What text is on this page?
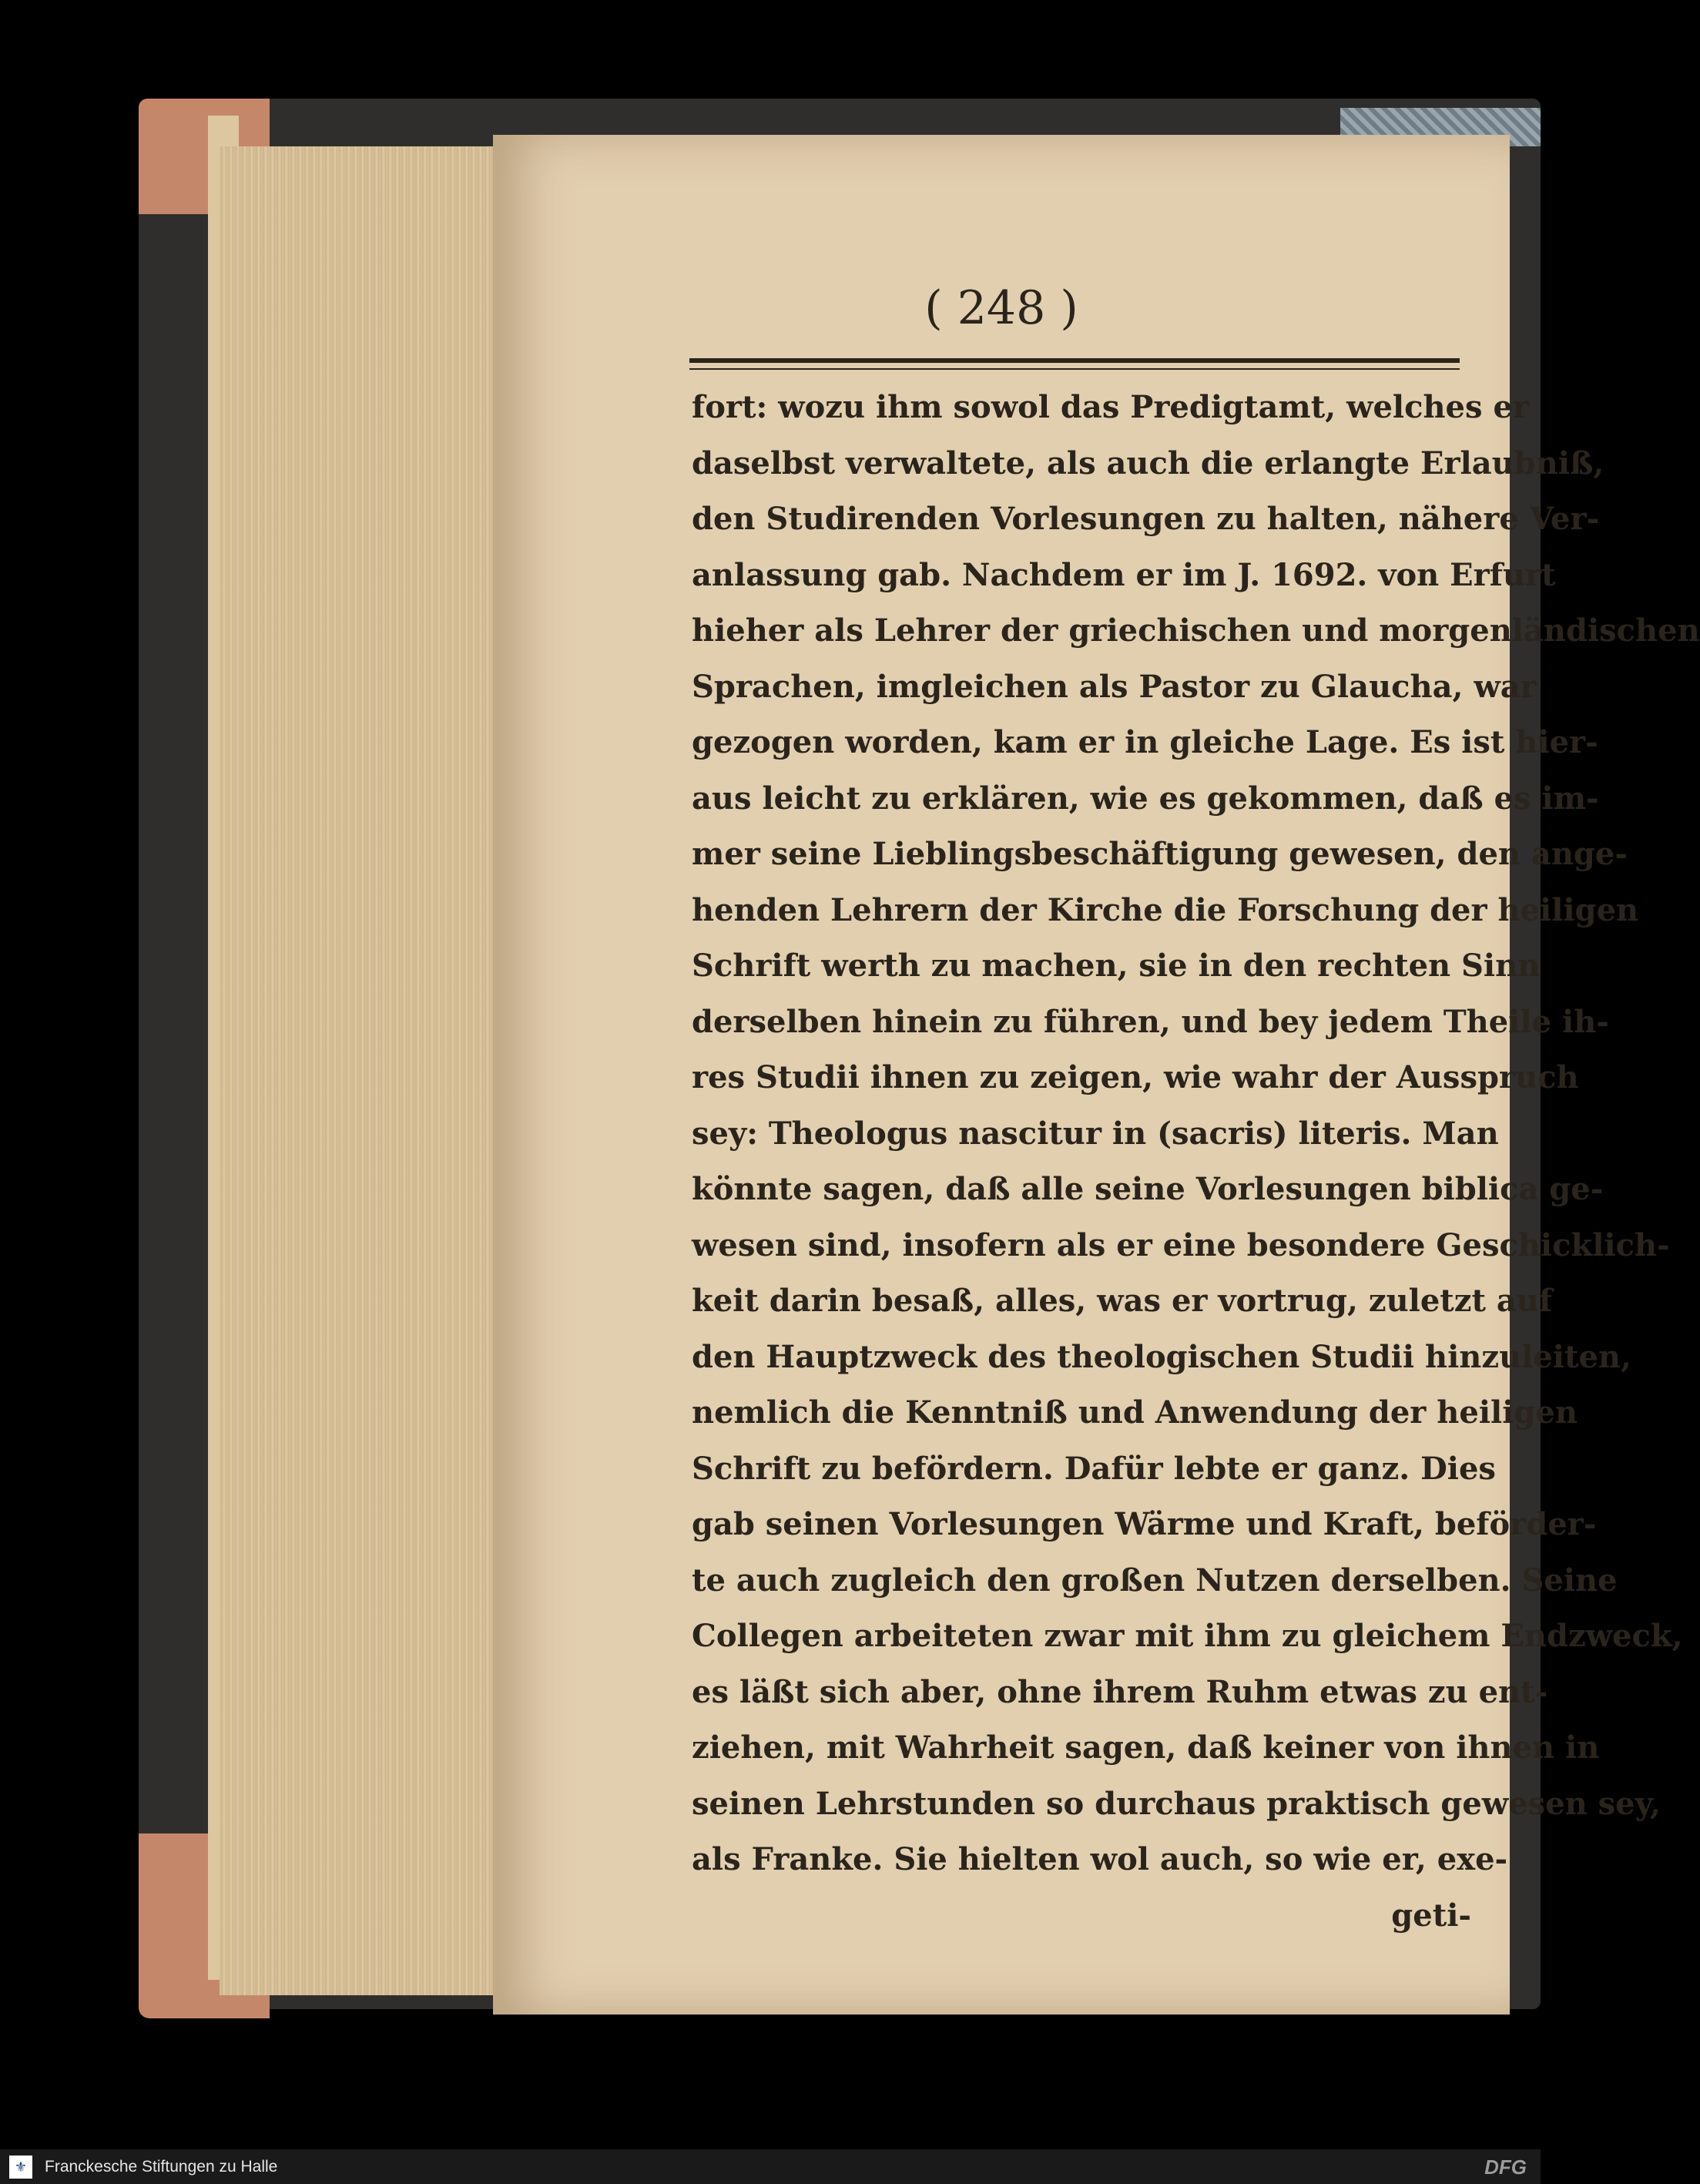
( 248 )
fort: wozu ihm sowol das Predigtamt, welches er
daselbst verwaltete, als auch die erlangte Erlaubniß,
den Studirenden Vorlesungen zu halten, nähere Ver-
anlassung gab. Nachdem er im J. 1692. von Erfurt
hieher als Lehrer der griechischen und morgenländischen
Sprachen, imgleichen als Pastor zu Glaucha, war
gezogen worden, kam er in gleiche Lage. Es ist hier-
aus leicht zu erklären, wie es gekommen, daß es im-
mer seine Lieblingsbeschäftigung gewesen, den ange-
henden Lehrern der Kirche die Forschung der heiligen
Schrift werth zu machen, sie in den rechten Sinn
derselben hinein zu führen, und bey jedem Theile ih-
res Studii ihnen zu zeigen, wie wahr der Ausspruch
sey: Theologus nascitur in (sacris) literis. Man
könnte sagen, daß alle seine Vorlesungen biblica ge-
wesen sind, insofern als er eine besondere Geschicklich-
keit darin besaß, alles, was er vortrug, zuletzt auf
den Hauptzweck des theologischen Studii hinzuleiten,
nemlich die Kenntniß und Anwendung der heiligen
Schrift zu befördern. Dafür lebte er ganz. Dies
gab seinen Vorlesungen Wärme und Kraft, beförder-
te auch zugleich den großen Nutzen derselben. Seine
Collegen arbeiteten zwar mit ihm zu gleichem Endzweck,
es läßt sich aber, ohne ihrem Ruhm etwas zu ent-
ziehen, mit Wahrheit sagen, daß keiner von ihnen in
seinen Lehrstunden so durchaus praktisch gewesen sey,
als Franke. Sie hielten wol auch, so wie er, exe-
geti-
⚜	Franckesche Stiftungen zu Halle	DFG
